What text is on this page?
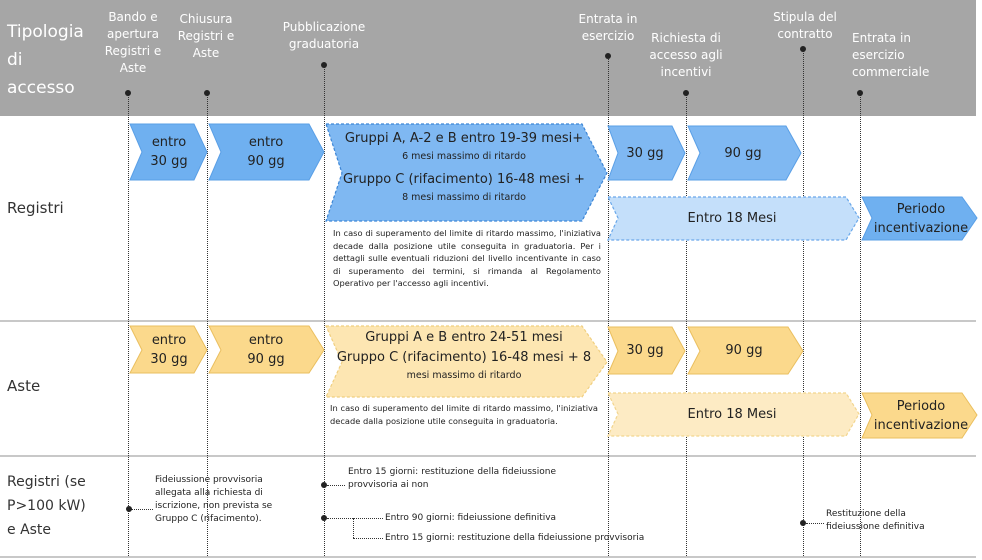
Tipologia
di
accesso
Bando e
apertura
Registri e
Aste
Chiusura
Registri e
Aste
Pubblicazione
graduatoria
Entrata in
esercizio	Richiesta di
accesso agli
incentivi
Stipula del
contratto	Entrata in
esercizio
commerciale
Registri
Aste
Registri (se
P>100 kW)
e Aste
entro
30 gg
entro
90 gg
Gruppi A, A-2 e B entro 19-39 mesi+
6 mesi massimo di ritardo
Gruppo C (rifacimento) 16-48 mesi +
8 mesi massimo di ritardo
30 gg	90 gg
Entro 18 Mesi
Periodo
incentivazione
In caso di superamento del limite di ritardo massimo, l'iniziativa decade dalla posizione utile conseguita in graduatoria. Per i dettagli sulle eventuali riduzioni del livello incentivante in caso di superamento dei termini, si rimanda al Regolamento Operativo per l'accesso agli incentivi.
entro
30 gg
entro
90 gg
Gruppi A e B entro 24-51 mesi
Gruppo C (rifacimento) 16-48 mesi + 8
mesi massimo di ritardo
30 gg	90 gg
Entro 18 Mesi
Periodo
incentivazione
In caso di superamento del limite di ritardo massimo, l'iniziativa decade dalla posizione utile conseguita in graduatoria.
Fideiussione provvisoria allegata alla richiesta di iscrizione, non prevista se Gruppo C (rifacimento).
Entro 15 giorni: restituzione della fideiussione provvisoria ai non
Entro 90 giorni: fideiussione definitiva
Entro 15 giorni: restituzione della fideiussione provvisoria
Restituzione della fideiussione definitiva
